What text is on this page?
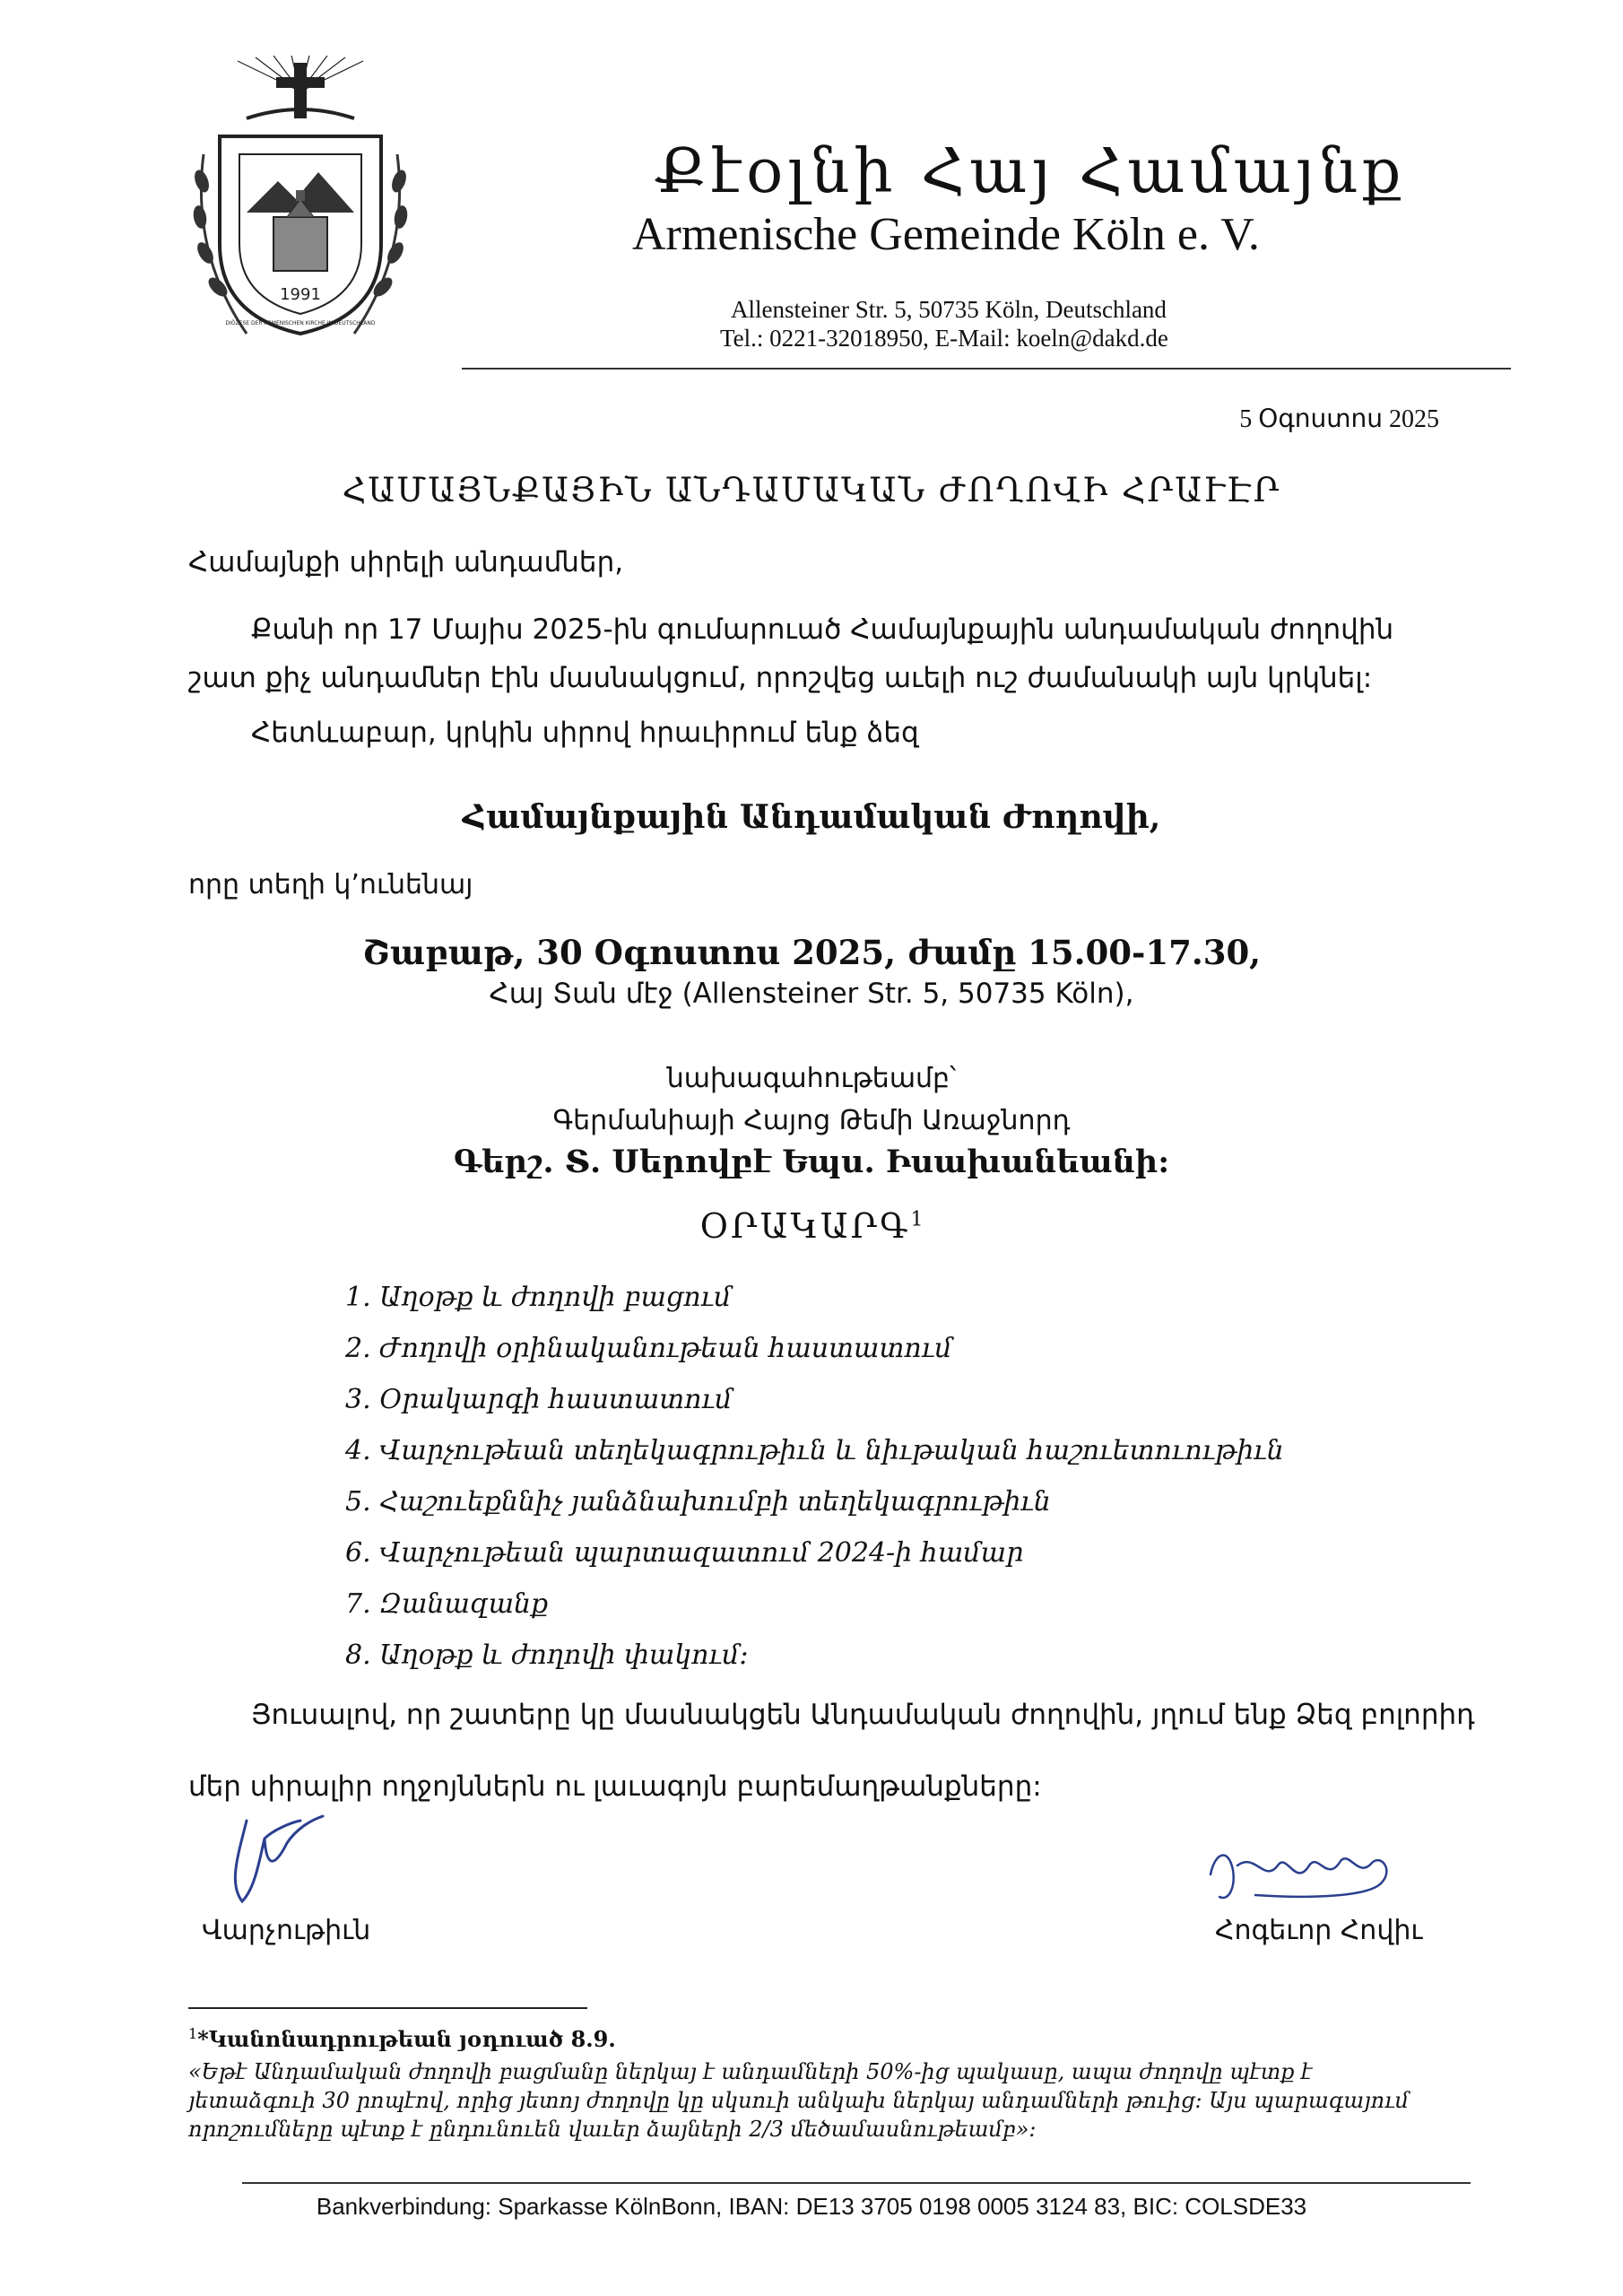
1991
DIÖZESE DER ARMENISCHEN KIRCHE IN DEUTSCHLAND
Քէօլնի Հայ Համայնք
Armenische Gemeinde Köln e. V.
Allensteiner Str. 5, 50735 Köln, Deutschland
Tel.: 0221-32018950, E-Mail: koeln@dakd.de
5 Օգոստոս 2025
ՀԱՄԱՅՆՔԱՅԻՆ ԱՆԴԱՄԱԿԱՆ ԺՈՂՈՎԻ ՀՐԱՒԷՐ
Համայնքի սիրելի անդամներ,
Քանի որ 17 Մայիս 2025-ին գումարուած Համայնքային անդամական ժողովին շատ քիչ անդամներ էին մասնակցում, որոշվեց աւելի ուշ ժամանակի այն կրկնել:
Հետևաբար, կրկին սիրով հրաւիրում ենք ձեզ
Համայնքային Անդամական Ժողովի,
որը տեղի կ’ունենայ
Շաբաթ, 30 Օգոստոս 2025, ժամը 15.00-17.30,
Հայ Տան մէջ (Allensteiner Str. 5, 50735 Köln),
նախագահութեամբ՝
Գերմանիայի Հայոց Թեմի Առաջնորդ
Գերշ. Տ. Սերովբէ Եպս. Իսախանեանի:
ՕՐԱԿԱՐԳ$^1$
1. Աղօթք և ժողովի բացում
2. Ժողովի օրինականութեան հաստատում
3. Օրակարգի հաստատում
4. Վարչութեան տեղեկագրութիւն և նիւթական հաշուետուութիւն
5. Հաշուեքննիչ յանձնախումբի տեղեկագրութիւն
6. Վարչութեան պարտազատում 2024-ի համար
7. Զանազանք
8. Աղօթք և ժողովի փակում:
Յուսալով, որ շատերը կը մասնակցեն Անդամական ժողովին, յղում ենք Ձեզ բոլորիդ
մեր սիրալիր ողջոյններն ու լաւագոյն բարեմաղթանքները:
Վարչութիւն	Հոգեւոր Հովիւ
$^1$*Կանոնադրութեան յօդուած 8.9.
«Եթէ Անդամական ժողովի բացմանը ներկայ է անդամների 50%-ից պակասը, ապա ժողովը պէտք է յետաձգուի 30 րոպէով, որից յետոյ ժողովը կը սկսուի անկախ ներկայ անդամների թուից: Այս պարագայում որոշումները պէտք է ընդունուեն վաւեր ձայների 2/3 մեծամասնութեամբ»:
Bankverbindung: Sparkasse KölnBonn, IBAN: DE13 3705 0198 0005 3124 83, BIC: COLSDE33
